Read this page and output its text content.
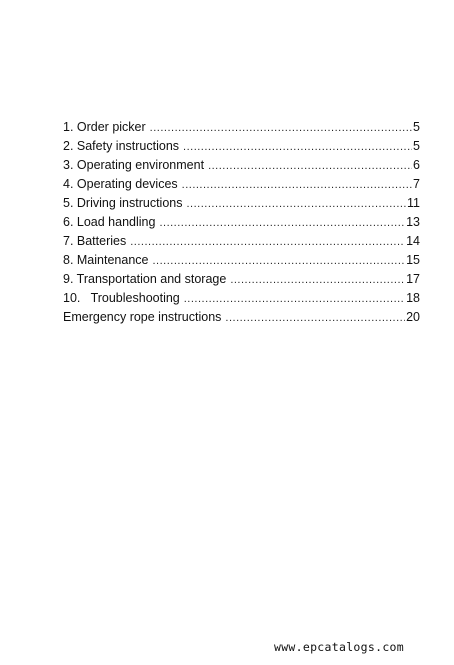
1. Order picker .....	5
2. Safety instructions .....	5
3. Operating environment .....	6
4. Operating devices .....	7
5. Driving instructions .....	11
6. Load handling .....	13
7. Batteries .....	14
8. Maintenance .....	15
9. Transportation and storage .....	17
10.   Troubleshooting .....	18
Emergency rope instructions .....	20
www.epcatalogs.com
